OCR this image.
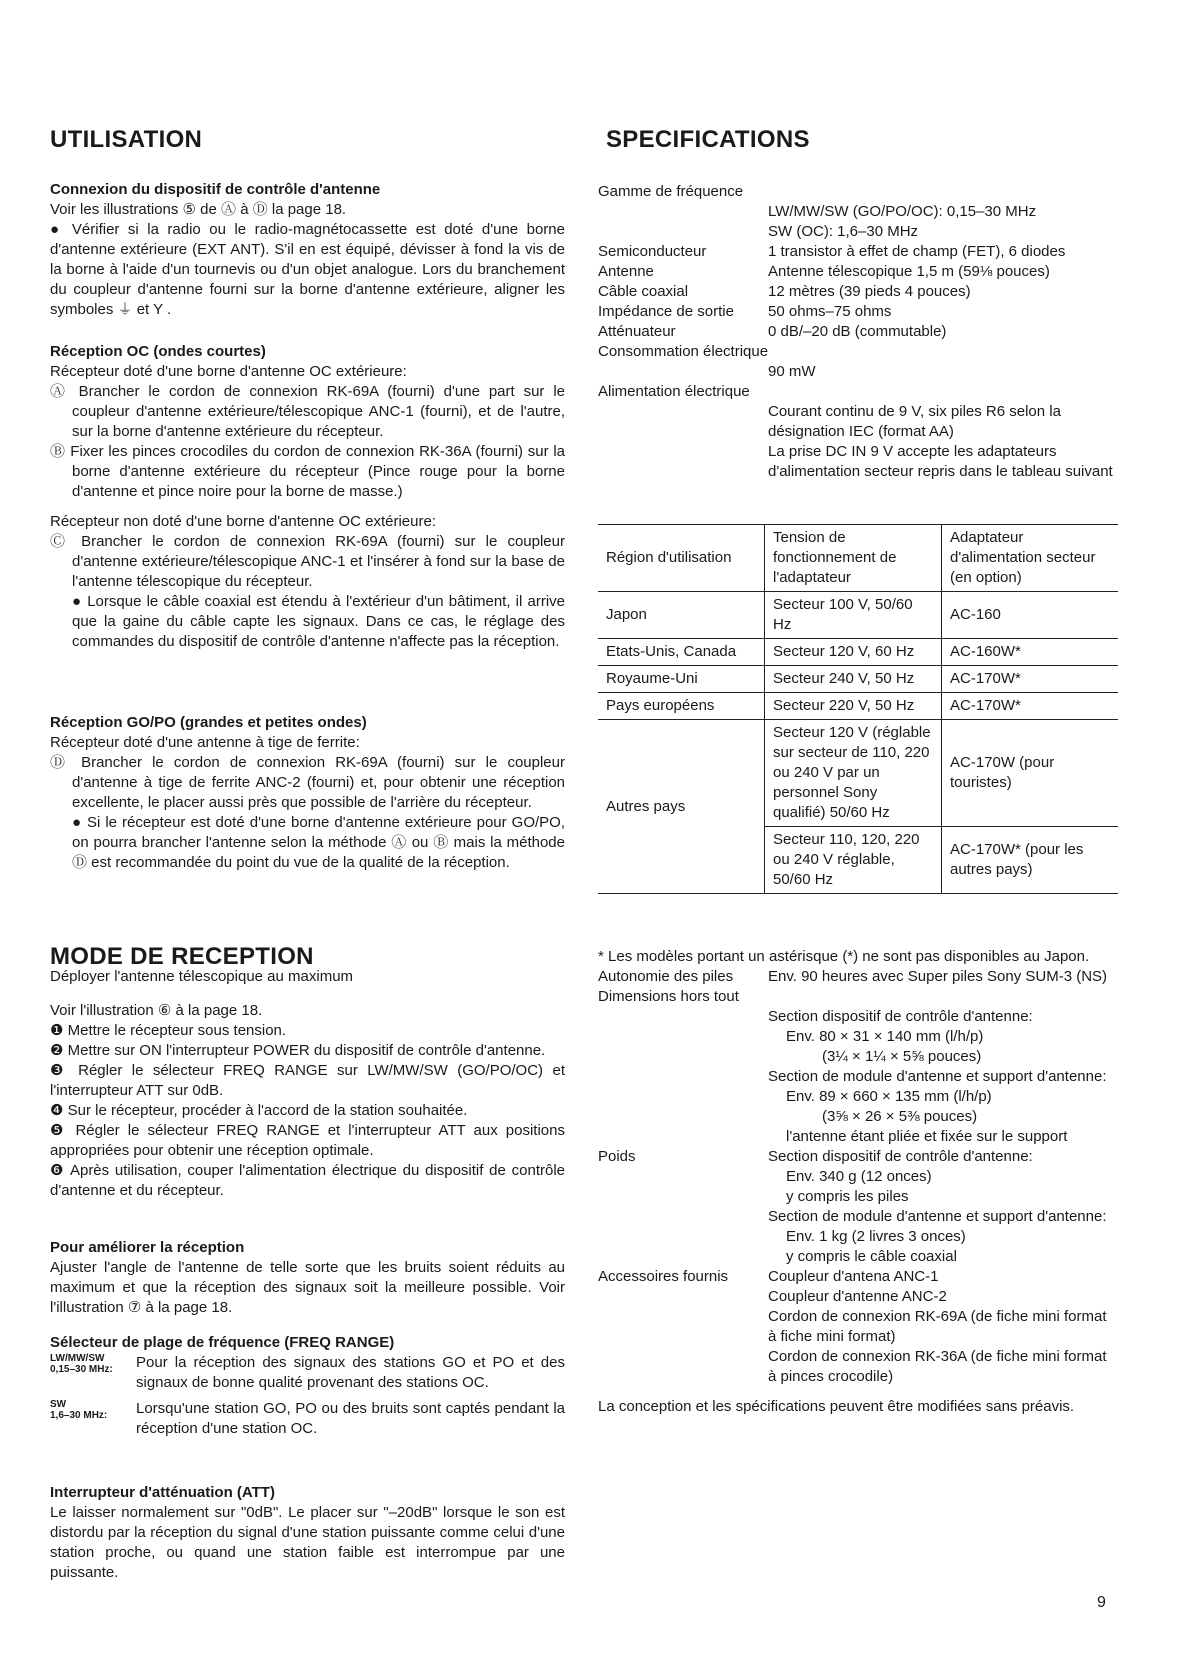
UTILISATION

Connexion du dispositif de contrôle d'antenne

Voir les illustrations ⑤ de Ⓐ à Ⓓ la page 18.

● Vérifier si la radio ou le radio-magnétocassette est doté d'une borne d'antenne extérieure (EXT ANT). S'il en est équipé, dévisser à fond la vis de la borne à l'aide d'un tournevis ou d'un objet analogue. Lors du branchement du coupleur d'antenne fourni sur la borne d'antenne extérieure, aligner les symboles ⏚ et Y .

Réception OC (ondes courtes)

Récepteur doté d'une borne d'antenne OC extérieure:

Ⓐ Brancher le cordon de connexion RK-69A (fourni) d'une part sur le coupleur d'antenne extérieure/télescopique ANC-1 (fourni), et de l'autre, sur la borne d'antenne extérieure du récepteur.

Ⓑ Fixer les pinces crocodiles du cordon de connexion RK-36A (fourni) sur la borne d'antenne extérieure du récepteur (Pince rouge pour la borne d'antenne et pince noire pour la borne de masse.)

Récepteur non doté d'une borne d'antenne OC extérieure:

Ⓒ Brancher le cordon de connexion RK-69A (fourni) sur le coupleur d'antenne extérieure/télescopique ANC-1 et l'insérer à fond sur la base de l'antenne télescopique du récepteur.

● Lorsque le câble coaxial est étendu à l'extérieur d'un bâtiment, il arrive que la gaine du câble capte les signaux. Dans ce cas, le réglage des commandes du dispositif de contrôle d'antenne n'affecte pas la réception.

Réception GO/PO (grandes et petites ondes)

Récepteur doté d'une antenne à tige de ferrite:

Ⓓ Brancher le cordon de connexion RK-69A (fourni) sur le coupleur d'antenne à tige de ferrite ANC-2 (fourni) et, pour obtenir une réception excellente, le placer aussi près que possible de l'arrière du récepteur.

● Si le récepteur est doté d'une borne d'antenne extérieure pour GO/PO, on pourra brancher l'antenne selon la méthode Ⓐ ou Ⓑ mais la méthode Ⓓ est recommandée du point du vue de la qualité de la réception.

MODE DE RECEPTION

Déployer l'antenne télescopique au maximum

Voir l'illustration ⑥ à la page 18.

❶ Mettre le récepteur sous tension.

❷ Mettre sur ON l'interrupteur POWER du dispositif de contrôle d'antenne.

❸ Régler le sélecteur FREQ RANGE sur LW/MW/SW (GO/PO/OC) et l'interrupteur ATT sur 0dB.

❹ Sur le récepteur, procéder à l'accord de la station souhaitée.

❺ Régler le sélecteur FREQ RANGE et l'interrupteur ATT aux positions appropriées pour obtenir une réception optimale.

❻ Après utilisation, couper l'alimentation électrique du dispositif de contrôle d'antenne et du récepteur.

Pour améliorer la réception

Ajuster l'angle de l'antenne de telle sorte que les bruits soient réduits au maximum et que la réception des signaux soit la meilleure possible. Voir l'illustration ⑦ à la page 18.

Sélecteur de plage de fréquence (FREQ RANGE)

LW/MW/SW
0,15–30 MHz:	Pour la réception des signaux des stations GO et PO et des signaux de bonne qualité provenant des stations OC.
SW
1,6–30 MHz:	Lorsqu'une station GO, PO ou des bruits sont captés pendant la réception d'une station OC.

Interrupteur d'atténuation (ATT)

Le laisser normalement sur "0dB". Le placer sur "–20dB" lorsque le son est distordu par la réception du signal d'une station puissante comme celui d'une station proche, ou quand une station faible est interrompue par une puissante.

SPECIFICATIONS
Gamme de fréquence
LW/MW/SW (GO/PO/OC): 0,15–30 MHz
SW (OC): 1,6–30 MHz
Semiconducteur	1 transistor à effet de champ (FET), 6 diodes
Antenne	Antenne télescopique 1,5 m (59⅛ pouces)
Câble coaxial	12 mètres (39 pieds 4 pouces)
Impédance de sortie	50 ohms–75 ohms
Atténuateur	0 dB/–20 dB (commutable)
Consommation électrique
90 mW
Alimentation électrique
Courant continu de 9 V, six piles R6 selon la désignation IEC (format AA)
La prise DC IN 9 V accepte les adaptateurs d'alimentation secteur repris dans le tableau suivant
Région d'utilisation	Tension de fonctionnement de l'adaptateur	Adaptateur d'alimentation secteur (en option)
Japon	Secteur 100 V, 50/60 Hz	AC-160
Etats-Unis, Canada	Secteur 120 V, 60 Hz	AC-160W*
Royaume-Uni	Secteur 240 V, 50 Hz	AC-170W*
Pays européens	Secteur 220 V, 50 Hz	AC-170W*
Autres pays	Secteur 120 V (réglable sur secteur de 110, 220 ou 240 V par un personnel Sony qualifié) 50/60 Hz	AC-170W (pour touristes)
	Secteur 110, 120, 220 ou 240 V réglable, 50/60 Hz	AC-170W* (pour les autres pays)

* Les modèles portant un astérisque (*) ne sont pas disponibles au Japon.

Autonomie des piles	Env. 90 heures avec Super piles Sony SUM-3 (NS)
Dimensions hors tout
Section dispositif de contrôle d'antenne:
Env. 80 × 31 × 140 mm (l/h/p)
(3¼ × 1¼ × 5⅝ pouces)
Section de module d'antenne et support d'antenne:
Env. 89 × 660 × 135 mm (l/h/p)
(3⅝ × 26 × 5⅜ pouces)
l'antenne étant pliée et fixée sur le support
Poids	Section dispositif de contrôle d'antenne:
Env. 340 g (12 onces)
y compris les piles
Section de module d'antenne et support d'antenne:
Env. 1 kg (2 livres 3 onces)
y compris le câble coaxial
Accessoires fournis	Coupleur d'antena ANC-1
Coupleur d'antenne ANC-2
Cordon de connexion RK-69A (de fiche mini format à fiche mini format)
Cordon de connexion RK-36A (de fiche mini format à pinces crocodile)

La conception et les spécifications peuvent être modifiées sans préavis.

9
